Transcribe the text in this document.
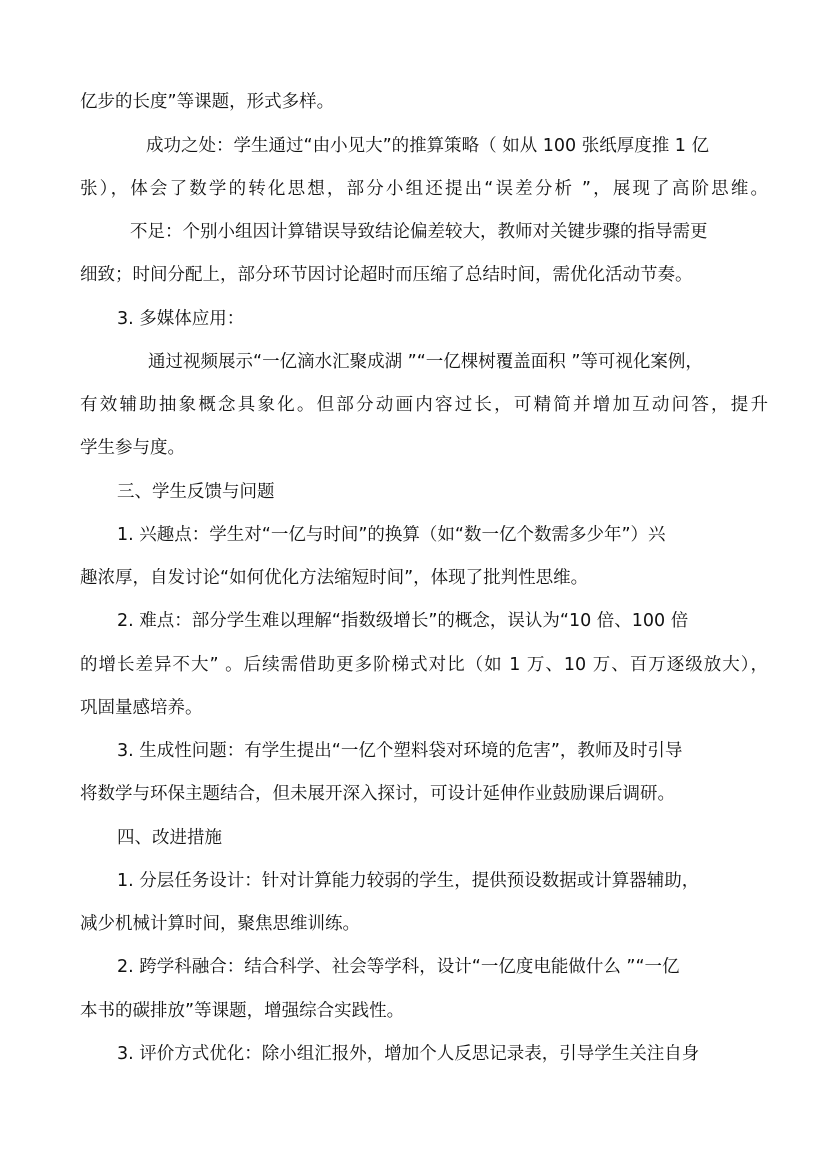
亿步的长度”等课题，形式多样。
成功之处：学生通过“由小见大”的推算策略（ 如从 100 张纸厚度推 1 亿
张），体会了数学的转化思想，部分小组还提出“误差分析 ”，展现了高阶思维。
不足：个别小组因计算错误导致结论偏差较大，教师对关键步骤的指导需更
细致；时间分配上，部分环节因讨论超时而压缩了总结时间，需优化活动节奏。
3. 多媒体应用：
通过视频展示“一亿滴水汇聚成湖 ”“一亿棵树覆盖面积 ”等可视化案例，
有效辅助抽象概念具象化。但部分动画内容过长，可精简并增加互动问答，提升
学生参与度。
三、学生反馈与问题
1. 兴趣点：学生对“一亿与时间”的换算（如“数一亿个数需多少年”）兴
趣浓厚，自发讨论“如何优化方法缩短时间”，体现了批判性思维。
2. 难点：部分学生难以理解“指数级增长”的概念，误认为“10 倍、100 倍
的增长差异不大” 。后续需借助更多阶梯式对比（如 1 万、10 万、百万逐级放大），
巩固量感培养。
3. 生成性问题：有学生提出“一亿个塑料袋对环境的危害”，教师及时引导
将数学与环保主题结合，但未展开深入探讨，可设计延伸作业鼓励课后调研。
四、改进措施
1. 分层任务设计：针对计算能力较弱的学生，提供预设数据或计算器辅助，
减少机械计算时间，聚焦思维训练。
2. 跨学科融合：结合科学、社会等学科，设计“一亿度电能做什么 ”“一亿
本书的碳排放”等课题，增强综合实践性。
3. 评价方式优化：除小组汇报外，增加个人反思记录表，引导学生关注自身
